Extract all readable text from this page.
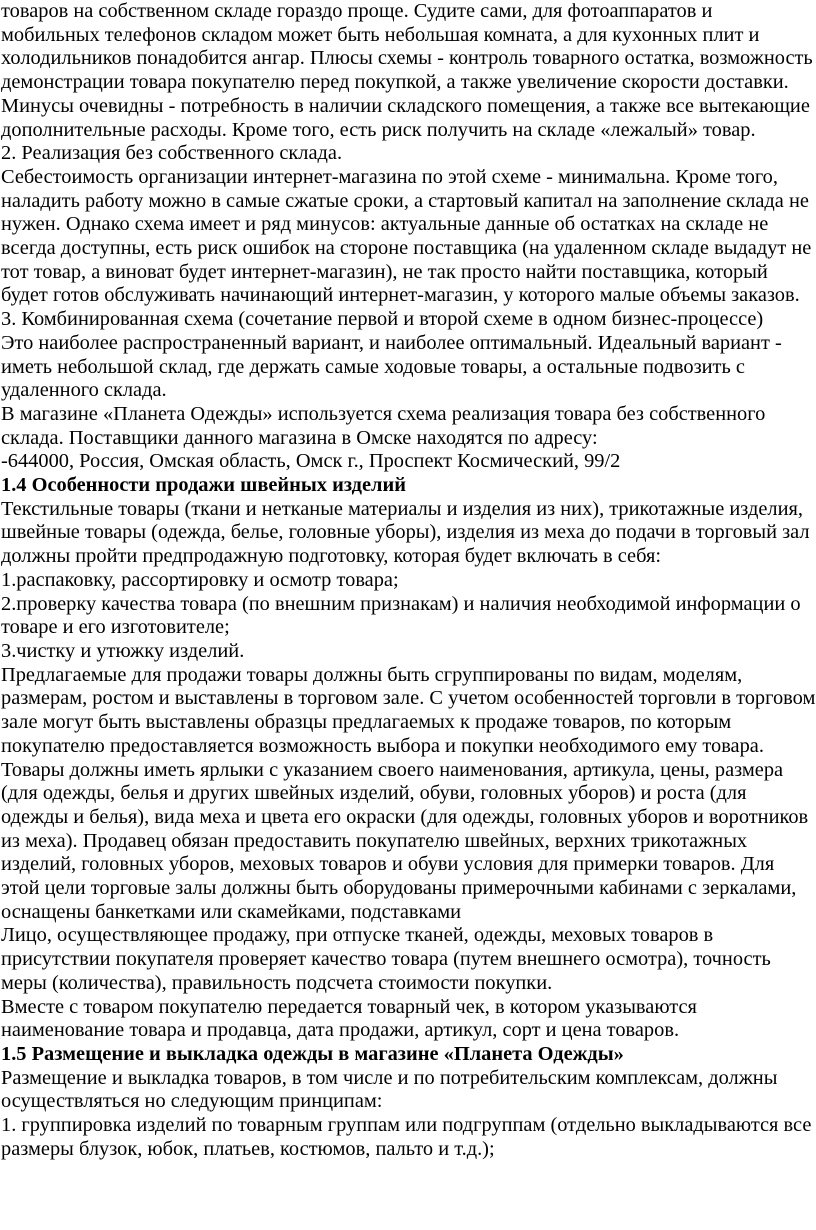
товаров на собственном складе гораздо проще. Судите сами, для фотоаппаратов и мобильных телефонов складом может быть небольшая комната, а для кухонных плит и холодильников понадобится ангар. Плюсы схемы - контроль товарного остатка, возможность демонстрации товара покупателю перед покупкой, а также увеличение скорости доставки. Минусы очевидны - потребность в наличии складского помещения, а также все вытекающие дополнительные расходы. Кроме того, есть риск получить на складе «лежалый» товар.

2. Реализация без собственного склада.

Себестоимость организации интернет-магазина по этой схеме - минимальна. Кроме того, наладить работу можно в самые сжатые сроки, а стартовый капитал на заполнение склада не нужен. Однако схема имеет и ряд минусов: актуальные данные об остатках на складе не всегда доступны, есть риск ошибок на стороне поставщика (на удаленном складе выдадут не тот товар, а виноват будет интернет-магазин), не так просто найти поставщика, который будет готов обслуживать начинающий интернет-магазин, у которого малые объемы заказов.

3. Комбинированная схема (сочетание первой и второй схеме в одном бизнес-процессе)

Это наиболее распространенный вариант, и наиболее оптимальный. Идеальный вариант - иметь небольшой склад, где держать самые ходовые товары, а остальные подвозить с удаленного склада.

В магазине «Планета Одежды» используется схема реализация товара без собственного склада. Поставщики данного магазина в Омске находятся по адресу:

-644000, Россия, Омская область, Омск г., Проспект Космический, 99/2

1.4 Особенности продажи швейных изделий

Текстильные товары (ткани и нетканые материалы и изделия из них), трикотажные изделия, швейные товары (одежда, белье, головные уборы), изделия из меха до подачи в торговый зал должны пройти предпродажную подготовку, которая будет включать в себя:

1.распаковку, рассортировку и осмотр товара;

2.проверку качества товара (по внешним признакам) и наличия необходимой информации о товаре и его изготовителе;

3.чистку и утюжку изделий.

Предлагаемые для продажи товары должны быть сгруппированы по видам, моделям, размерам, ростом и выставлены в торговом зале. С учетом особенностей торговли в торговом зале могут быть выставлены образцы предлагаемых к продаже товаров, по которым покупателю предоставляется возможность выбора и покупки необходимого ему товара. Товары должны иметь ярлыки с указанием своего наименования, артикула, цены, размера (для одежды, белья и других швейных изделий, обуви, головных уборов) и роста (для одежды и белья), вида меха и цвета его окраски (для одежды, головных уборов и воротников из меха). Продавец обязан предоставить покупателю швейных, верхних трикотажных изделий, головных уборов, меховых товаров и обуви условия для примерки товаров. Для этой цели торговые залы должны быть оборудованы примерочными кабинами с зеркалами, оснащены банкетками или скамейками, подставками

Лицо, осуществляющее продажу, при отпуске тканей, одежды, меховых товаров в присутствии покупателя проверяет качество товара (путем внешнего осмотра), точность меры (количества), правильность подсчета стоимости покупки.

Вместе с товаром покупателю передается товарный чек, в котором указываются наименование товара и продавца, дата продажи, артикул, сорт и цена товаров.

1.5 Размещение и выкладка одежды в магазине «Планета Одежды»

Размещение и выкладка товаров, в том числе и по потребительским комплексам, должны осуществляться но следующим принципам:

1. группировка изделий по товарным группам или подгруппам (отдельно выкладываются все размеры блузок, юбок, платьев, костюмов, пальто и т.д.);
